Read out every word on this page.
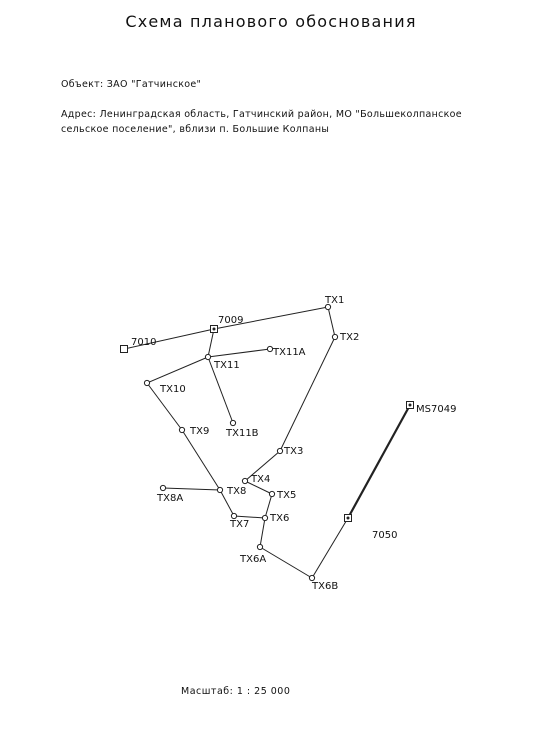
Схема планового обоснования
Объект: ЗАО "Гатчинское"
Адрес: Ленинградская область, Гатчинский район, МО "Большеколпанское
сельское поселение", вблизи п. Большие Колпаны
TX1
TX2
TX3
TX4
TX5
TX6
TX6A
TX6B
TX7
TX8
TX8A
TX9
TX10
TX11
TX11A
TX11B
7009
7010
MS7049
7050
Масштаб: 1 : 25 000
